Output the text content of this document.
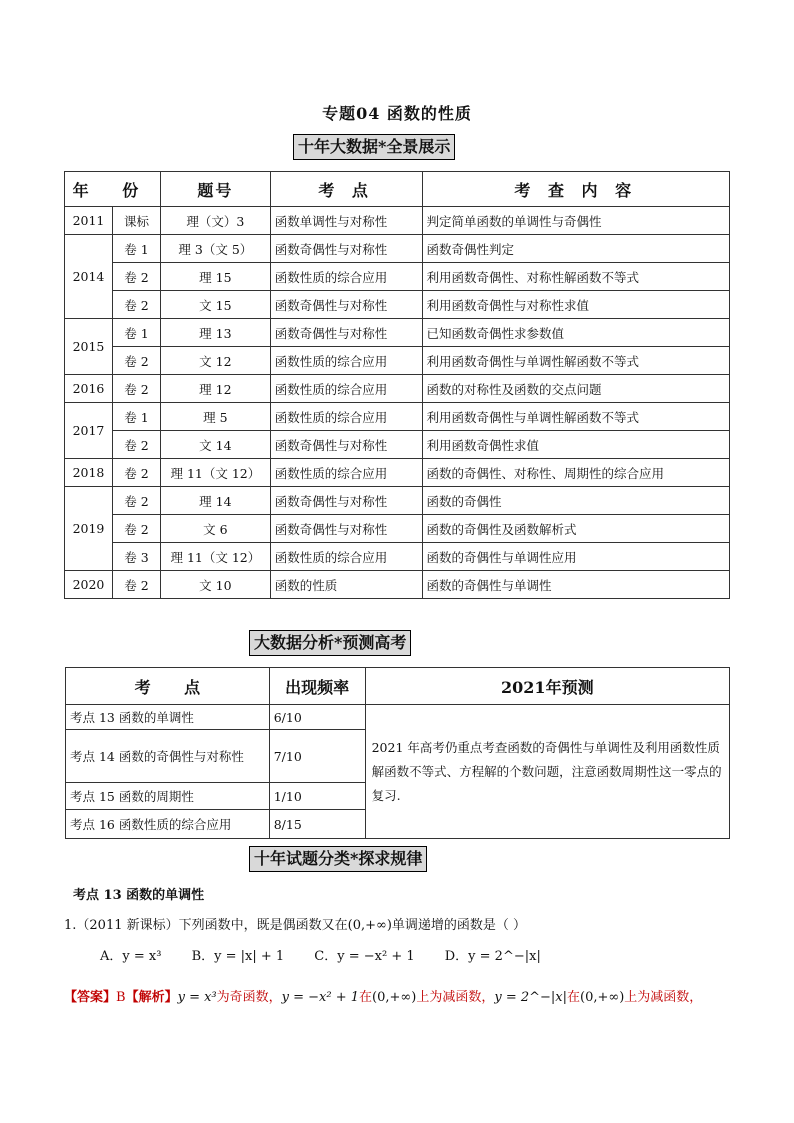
专题04 函数的性质
十年大数据*全景展示
年 份		题号	考 点	考 查 内 容
2011	课标	理（文）3	函数单调性与对称性	判定简单函数的单调性与奇偶性
2014	卷 1	理 3（文 5）	函数奇偶性与对称性	函数奇偶性判定
	卷 2	理 15	函数性质的综合应用	利用函数奇偶性、对称性解函数不等式
	卷 2	文 15	函数奇偶性与对称性	利用函数奇偶性与对称性求值
2015	卷 1	理 13	函数奇偶性与对称性	已知函数奇偶性求参数值
	卷 2	文 12	函数性质的综合应用	利用函数奇偶性与单调性解函数不等式
2016	卷 2	理 12	函数性质的综合应用	函数的对称性及函数的交点问题
2017	卷 1	理 5	函数性质的综合应用	利用函数奇偶性与单调性解函数不等式
	卷 2	文 14	函数奇偶性与对称性	利用函数奇偶性求值
2018	卷 2	理 11（文 12）	函数性质的综合应用	函数的奇偶性、对称性、周期性的综合应用
2019	卷 2	理 14	函数奇偶性与对称性	函数的奇偶性
	卷 2	文 6	函数奇偶性与对称性	函数的奇偶性及函数解析式
	卷 3	理 11（文 12）	函数性质的综合应用	函数的奇偶性与单调性应用
2020	卷 2	文 10	函数的性质	函数的奇偶性与单调性
大数据分析*预测高考
考      点	出现频率	2021年预测
考点 13 函数的单调性	6/10	2021 年高考仍重点考查函数的奇偶性与单调性及利用函数性质解函数不等式、方程解的个数问题，注意函数周期性这一零点的复习.
考点 14 函数的奇偶性与对称性	7/10	
考点 15 函数的周期性	1/10	
考点 16 函数性质的综合应用	8/15	
十年试题分类*探求规律
考点 13 函数的单调性
1.（2011 新课标）下列函数中，既是偶函数又在(0,+∞)单调递增的函数是（ ）
A．y = x³ B．y = |x| + 1 C．y = −x² + 1 D．y = 2^−|x|
【答案】B【解析】y = x³为奇函数，y = −x² + 1在(0,+∞)上为减函数，y = 2^−|x|在(0,+∞)上为减函数，
